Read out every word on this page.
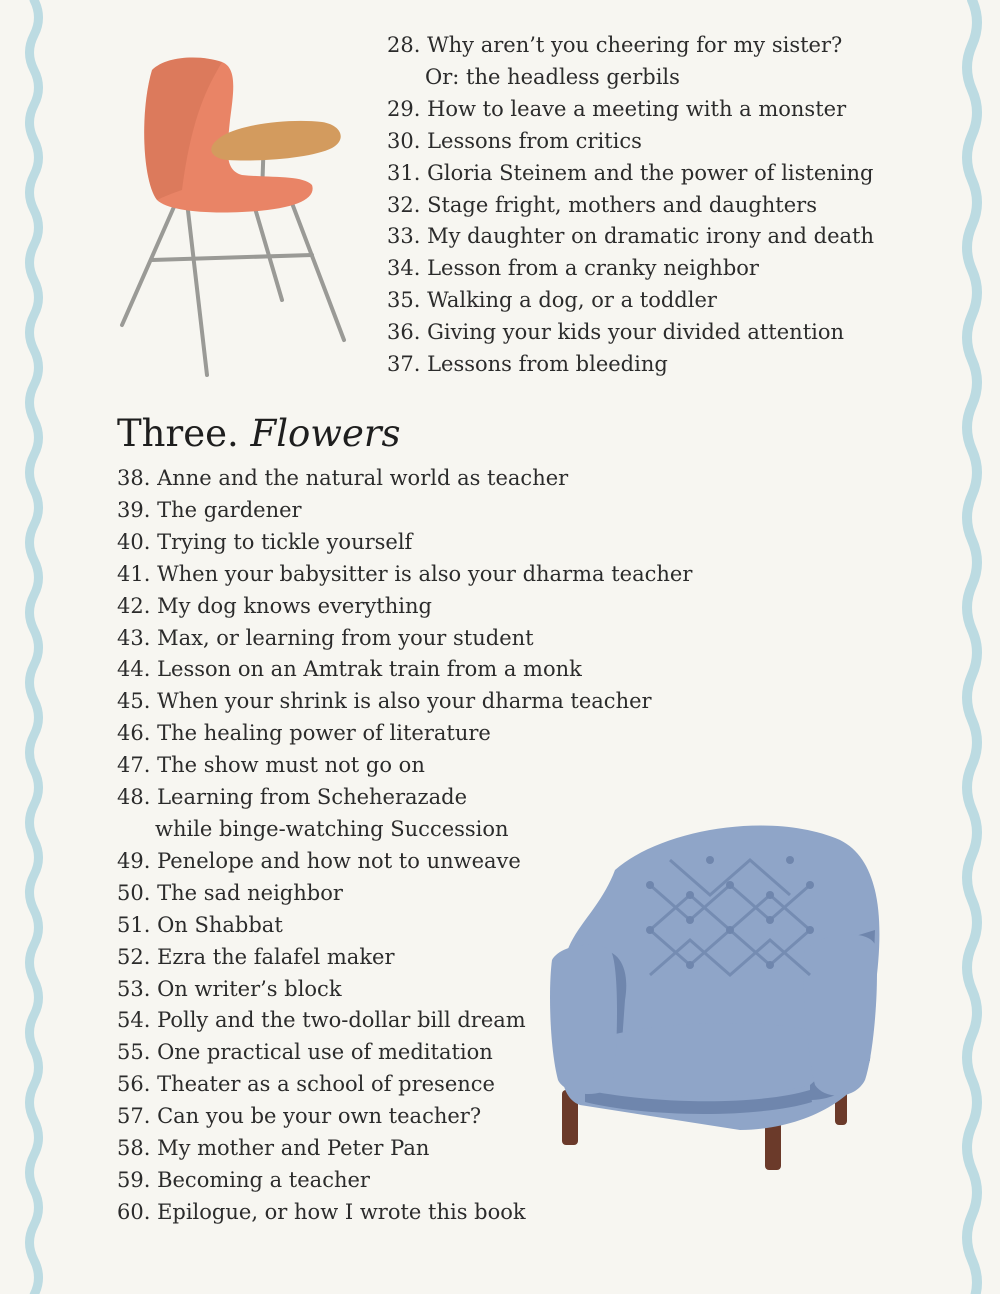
28. Why aren’t you cheering for my sister?
Or: the headless gerbils
29. How to leave a meeting with a monster
30. Lessons from critics
31. Gloria Steinem and the power of listening
32. Stage fright, mothers and daughters
33. My daughter on dramatic irony and death
34. Lesson from a cranky neighbor
35. Walking a dog, or a toddler
36. Giving your kids your divided attention
37. Lessons from bleeding
Three. Flowers
38. Anne and the natural world as teacher
39. The gardener
40. Trying to tickle yourself
41. When your babysitter is also your dharma teacher
42. My dog knows everything
43. Max, or learning from your student
44. Lesson on an Amtrak train from a monk
45. When your shrink is also your dharma teacher
46. The healing power of literature
47. The show must not go on
48. Learning from Scheherazade
while binge-watching Succession
49. Penelope and how not to unweave
50. The sad neighbor
51. On Shabbat
52. Ezra the falafel maker
53. On writer’s block
54. Polly and the two-dollar bill dream
55. One practical use of meditation
56. Theater as a school of presence
57. Can you be your own teacher?
58. My mother and Peter Pan
59. Becoming a teacher
60. Epilogue, or how I wrote this book
